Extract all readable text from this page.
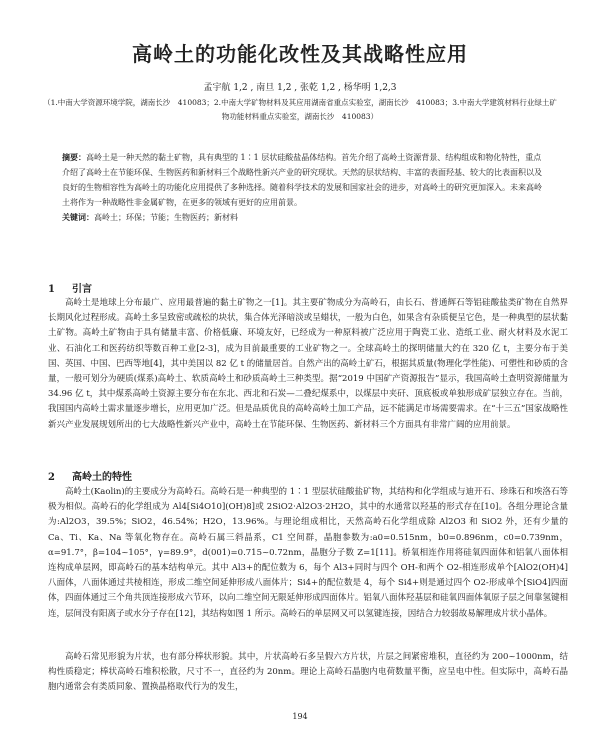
高岭土的功能化改性及其战略性应用
孟宇航 1,2 , 南旦 1,2 , 张乾 1,2 , 杨华明 1,2,3
（1.中南大学资源环境学院，湖南长沙　410083；2.中南大学矿物材料及其应用湖南省重点实验室，湖南长沙　410083；3.中南大学建筑材料行业绿土矿物功能材料重点实验室，湖南长沙　410083）
摘要：高岭土是一种天然的黏土矿物，具有典型的 1∶1 层状硅酸盐晶体结构。首先介绍了高岭土资源背景、结构组成和物化特性，重点介绍了高岭土在节能环保、生物医药和新材料三个战略性新兴产业的研究现状。天然的层状结构、丰富的表面羟基、较大的比表面积以及良好的生物相容性为高岭土的功能化应用提供了多种选择。随着科学技术的发展和国家社会的进步，对高岭土的研究更加深入。未来高岭土将作为一种战略性非金属矿物，在更多的领域有更好的应用前景。
关键词：高岭土；环保；节能；生物医药；新材料
1 引言
高岭土是地球上分布最广、应用最普遍的黏土矿物之一[1]。其主要矿物成分为高岭石，由长石、普通辉石等铝硅酸盐类矿物在自然界长期风化过程形成。高岭土多呈致密或疏松的块状，集合体光泽暗淡或呈蜡状，一般为白色，如果含有杂质便呈它色，是一种典型的层状黏土矿物。高岭土矿物由于具有储量丰富、价格低廉、环境友好，已经成为一种原料被广泛应用于陶瓷工业、造纸工业、耐火材料及水泥工业、石油化工和医药纺织等数百种工业[2-3]，成为目前最重要的工业矿物之一。全球高岭土的探明储量大约在 320 亿 t，主要分布于美国、英国、中国、巴西等地[4]，其中美国以 82 亿 t 的储量居首。自然产出的高岭土矿石，根据其质量(物理化学性能)、可塑性和砂质的含量，一般可划分为硬质(煤系)高岭土、软质高岭土和砂质高岭土三种类型。据“2019 中国矿产资源报告”显示，我国高岭土查明资源储量为 34.96 亿 t，其中煤系高岭土资源主要分布在东北、西北和石炭—二叠纪煤系中，以煤层中夹矸、顶底板或单独形成矿层独立存在。当前，我国国内高岭土需求量逐步增长，应用更加广泛。但是品质优良的高岭高岭土加工产品，远不能满足市场需要需求。在“十三五”国家战略性新兴产业发展规划所出的七大战略性新兴产业中，高岭土在节能环保、生物医药、新材料三个方面具有非常广阔的应用前景。
2 高岭土的特性
高岭土(Kaolin)的主要成分为高岭石。高岭石是一种典型的 1∶1 型层状硅酸盐矿物，其结构和化学组成与迪开石、珍珠石和埃洛石等极为相似。高岭石的化学组成为 Al4[Si4O10](OH)8]或 2SiO2·Al2O3·2H2O，其中的水通常以羟基的形式存在[10]。各组分理论含量为:Al2O3，39.5%；SiO2，46.54%；H2O，13.96%。与理论组成相比，天然高岭石化学组成除 Al2O3 和 SiO2 外，还有少量的 Ca、Ti、Ka、Na 等氧化物存在。高岭石属三斜晶系，C1 空间群，晶胞参数为:a0=0.515nm，b0=0.896nm，c0=0.739nm，α=91.7°，β=104~105°，γ=89.9°，d(001)=0.715~0.72nm，晶胞分子数 Z=1[11]。桥氧相连作用将硅氧四面体和铝氧八面体相连构成单层网，即高岭石的基本结构单元。其中 Al3+的配位数为 6，每个 Al3+同时与四个 OH-和两个 O2-相连形成单个[AlO2(OH)4]八面体，八面体通过共棱相连，形成二维空间延伸形成八面体片；Si4+的配位数是 4，每个 Si4+则是通过四个 O2-形成单个[SiO4]四面体，四面体通过三个角共顶连接形成六节环，以向二维空间无限延伸形成四面体片。铝氧八面体羟基层和硅氧四面体氧原子层之间靠氢键相连，层间没有阳离子或水分子存在[12]，其结构如图 1 所示。高岭石的单层网又可以氢键连接，因结合力较弱故易解理成片状小晶体。
高岭石常见形貌为片状，也有部分棒状形貌。其中，片状高岭石多呈假六方片状，片层之间紧密堆积，直径约为 200~1000nm，结构性质稳定；棒状高岭石堆积松散，尺寸不一，直径约为 20nm。理论上高岭石晶胞内电荷数量平衡，应呈电中性。但实际中，高岭石晶胞内通常会有类质同象、置换晶格取代行为的发生，
194
